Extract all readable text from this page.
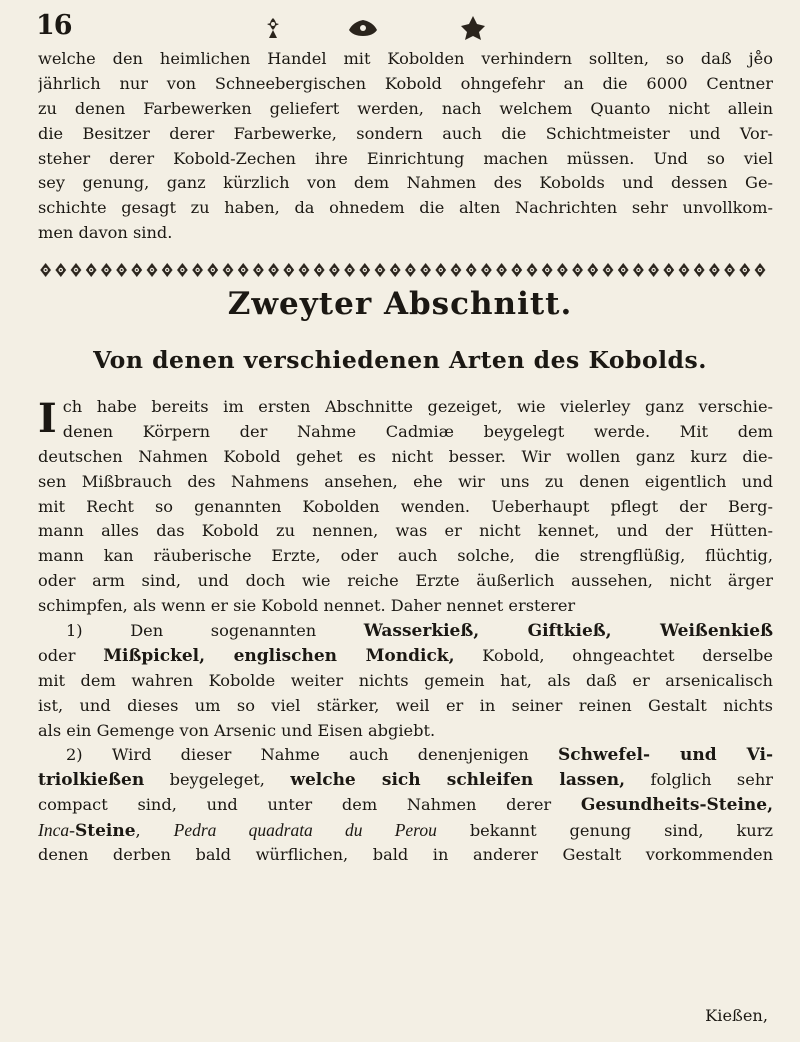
16
welche den heimlichen Handel mit Kobolden verhindern sollten, so daß je̊o
jährlich nur von Schneebergischen Kobold ohngefehr an die 6000 Centner
zu denen Farbewerken geliefert werden, nach welchem Quanto nicht allein
die Besitzer derer Farbewerke, sondern auch die Schichtmeister und Vor-
steher derer Kobold-Zechen ihre Einrichtung machen müssen. Und so viel
sey genung, ganz kürzlich von dem Nahmen des Kobolds und dessen Ge-
schichte gesagt zu haben, da ohnedem die alten Nachrichten sehr unvollkom-
men davon sind.
Zweyter Abschnitt.
Von denen verschiedenen Arten des Kobolds.
I ch habe bereits im ersten Abschnitte gezeiget, wie vielerley ganz verschie-
denen Körpern der Nahme Cadmiæ beygelegt werde. Mit dem
deutschen Nahmen Kobold gehet es nicht besser. Wir wollen ganz kurz die-
sen Mißbrauch des Nahmens ansehen, ehe wir uns zu denen eigentlich und
mit Recht so genannten Kobolden wenden. Ueberhaupt pflegt der Berg-
mann alles das Kobold zu nennen, was er nicht kennet, und der Hütten-
mann kan räuberische Erzte, oder auch solche, die strengflüßig, flüchtig,
oder arm sind, und doch wie reiche Erzte äußerlich aussehen, nicht ärger
schimpfen, als wenn er sie Kobold nennet. Daher nennet ersterer
1) Den sogenannten Wasserkieß, Giftkieß, Weißenkieß
oder Mißpickel, englischen Mondick, Kobold, ohngeachtet derselbe
mit dem wahren Kobolde weiter nichts gemein hat, als daß er arsenicalisch
ist, und dieses um so viel stärker, weil er in seiner reinen Gestalt nichts
als ein Gemenge von Arsenic und Eisen abgiebt.
2) Wird dieser Nahme auch denenjenigen Schwefel- und Vi-
triolkießen beygeleget, welche sich schleifen lassen, folglich sehr
compact sind, und unter dem Nahmen derer Gesundheits-Steine,
Inca-Steine, Pedra quadrata du Perou bekannt genung sind, kurz
denen derben bald würflichen, bald in anderer Gestalt vorkommenden
Kießen,
